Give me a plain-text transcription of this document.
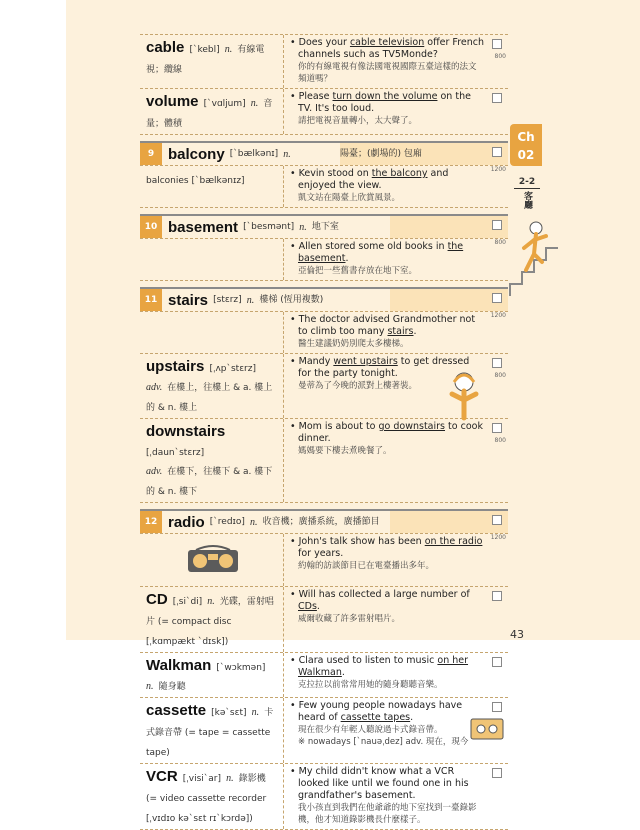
cable [ˋkebl] n. 有線電視；纜線
• Does your cable television offer French channels such as TV5Monde?
你的有線電視有像法國電視國際五臺這樣的法文頻道嗎？
800
volume [ˋvɑljum] n. 音量；體積
• Please turn down the volume on the TV. It's too loud.
請把電視音量轉小，太大聲了。
9 balcony
[ˋbælkənɪ]
n.	陽臺；(劇場的) 包廂
balconies [ˋbælkənɪz]
• Kevin stood on the balcony and enjoyed the view.
凱文站在陽臺上欣賞風景。
1200
10 basement
[ˋbesmənt]
n.
地下室
• Allen stored some old books in the basement.
亞倫把一些舊書存放在地下室。
800
11 stairs
[stɛrz]
n.
樓梯 (恆用複數)
• The doctor advised Grandmother not to climb too many stairs.
醫生建議奶奶別爬太多樓梯。
1200
upstairs [ˌʌpˋstɛrz]
adv. 在樓上，往樓上 & a. 樓上的 & n. 樓上
• Mandy went upstairs to get dressed for the party tonight.
曼蒂為了今晚的派對上樓著裝。
800
downstairs [ˌdaunˋstɛrz]
adv. 在樓下，往樓下 & a. 樓下的 & n. 樓下
• Mom is about to go downstairs to cook dinner.
媽媽要下樓去煮晚餐了。
800
12 radio
[ˋredɪo]
n.
收音機；廣播系統，廣播節目
• John's talk show has been on the radio for years.
約翰的訪談節目已在電臺播出多年。
1200
CD [ˌsiˋdi] n. 光碟，雷射唱片 (= compact disc [ˌkɑmpækt ˋdɪsk])
• Will has collected a large number of CDs.
威爾收藏了許多雷射唱片。
Walkman [ˋwɔkmən]
n. 隨身聽
• Clara used to listen to music on her Walkman.
克拉拉以前常常用她的隨身聽聽音樂。
cassette [kəˋsɛt] n. 卡式錄音帶 (= tape = cassette tape)
• Few young people nowadays have heard of cassette tapes.
現在很少有年輕人聽說過卡式錄音帶。
※ nowadays [ˋnauəˌdez] adv. 現在，現今
VCR [ˌvisiˋar] n. 錄影機 (= video cassette recorder [ˌvɪdɪo kəˋsɛt rɪˋkɔrdə])
• My child didn't know what a VCR looked like until we found one in his grandfather's basement.
我小孩直到我們在他爺爺的地下室找到一臺錄影機，他才知道錄影機長什麼樣子。
Ch
02
2-2
客廳
43
